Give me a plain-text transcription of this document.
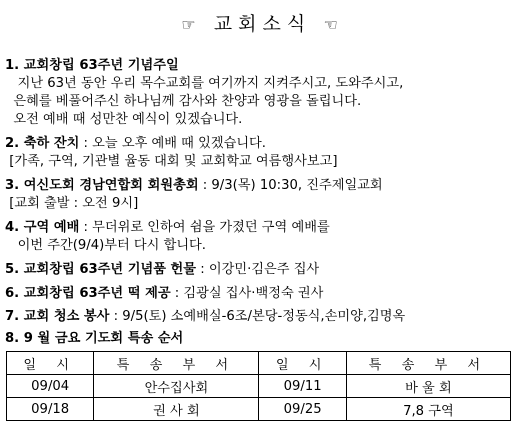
☞ 교 회 소 식 ☜
1. 교회창립 63주년 기념주일
지난 63년 동안 우리 목수교회를 여기까지 지켜주시고, 도와주시고,
은혜를 베풀어주신 하나님께 감사와 찬양과 영광을 돌립니다.
오전 예배 때 성만찬 예식이 있겠습니다.
2. 축하 잔치 : 오늘 오후 예배 때 있겠습니다.
[가족, 구역, 기관별 율동 대회 및 교회학교 여름행사보고]
3. 여신도회 경남연합회 회원총회 : 9/3(목) 10:30, 진주제일교회
[교회 출발 : 오전 9시]
4. 구역 예배 : 무더위로 인하여 쉼을 가졌던 구역 예배를
이번 주간(9/4)부터 다시 합니다.
5. 교회창립 63주년 기념품 헌물 : 이강민·김은주 집사
6. 교회창립 63주년 떡 제공 : 김광실 집사·백정숙 권사
7. 교회 청소 봉사 : 9/5(토) 소예배실-6조/본당-정동식,손미양,김명옥
8. 9 월 금요 기도회 특송 순서
일 시	특 송 부 서	일 시	특 송 부 서
09/04	안수집사회	09/11	바 울 회
09/18	권 사 회	09/25	7,8 구역
